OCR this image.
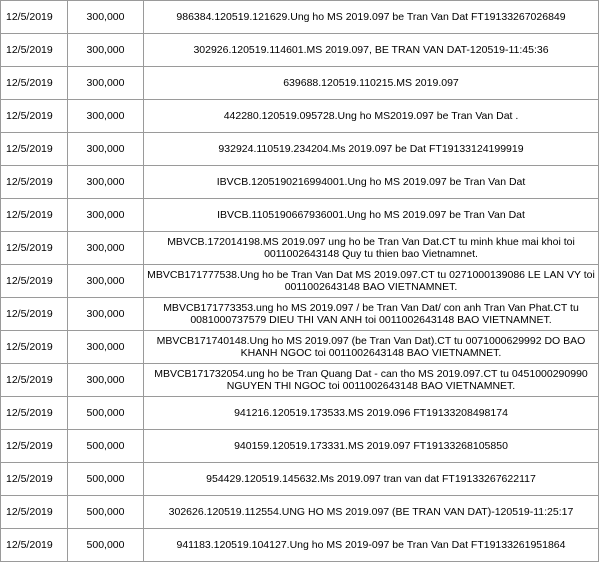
12/5/2019	300,000	986384.120519.121629.Ung ho MS 2019.097 be Tran Van Dat FT19133267026849
12/5/2019	300,000	302926.120519.114601.MS 2019.097, BE TRAN VAN DAT-120519-11:45:36
12/5/2019	300,000	639688.120519.110215.MS 2019.097
12/5/2019	300,000	442280.120519.095728.Ung ho MS2019.097 be Tran Van Dat .
12/5/2019	300,000	932924.110519.234204.Ms 2019.097 be Dat FT19133124199919
12/5/2019	300,000	IBVCB.1205190216994001.Ung ho MS 2019.097 be Tran Van Dat
12/5/2019	300,000	IBVCB.1105190667936001.Ung ho MS 2019.097 be Tran Van Dat
12/5/2019	300,000	MBVCB.172014198.MS 2019.097 ung ho be Tran Van Dat.CT tu minh khue mai khoi toi 0011002643148 Quy tu thien bao Vietnamnet.
12/5/2019	300,000	MBVCB171777538.Ung ho be Tran Van Dat MS 2019.097.CT tu 0271000139086 LE LAN VY toi 0011002643148 BAO VIETNAMNET.
12/5/2019	300,000	MBVCB171773353.ung ho MS 2019.097 / be Tran Van Dat/ con anh Tran Van Phat.CT tu 0081000737579 DIEU THI VAN ANH toi 0011002643148 BAO VIETNAMNET.
12/5/2019	300,000	MBVCB171740148.Ung ho MS 2019.097 (be Tran Van Dat).CT tu 0071000629992 DO BAO KHANH NGOC toi 0011002643148 BAO VIETNAMNET.
12/5/2019	300,000	MBVCB171732054.ung ho be Tran Quang Dat - can tho MS 2019.097.CT tu 0451000290990 NGUYEN THI NGOC toi 0011002643148 BAO VIETNAMNET.
12/5/2019	500,000	941216.120519.173533.MS 2019.096 FT19133208498174
12/5/2019	500,000	940159.120519.173331.MS 2019.097 FT19133268105850
12/5/2019	500,000	954429.120519.145632.Ms 2019.097 tran van dat FT19133267622117
12/5/2019	500,000	302626.120519.112554.UNG HO MS 2019.097 (BE TRAN VAN DAT)-120519-11:25:17
12/5/2019	500,000	941183.120519.104127.Ung ho MS 2019-097 be Tran Van Dat FT19133261951864
